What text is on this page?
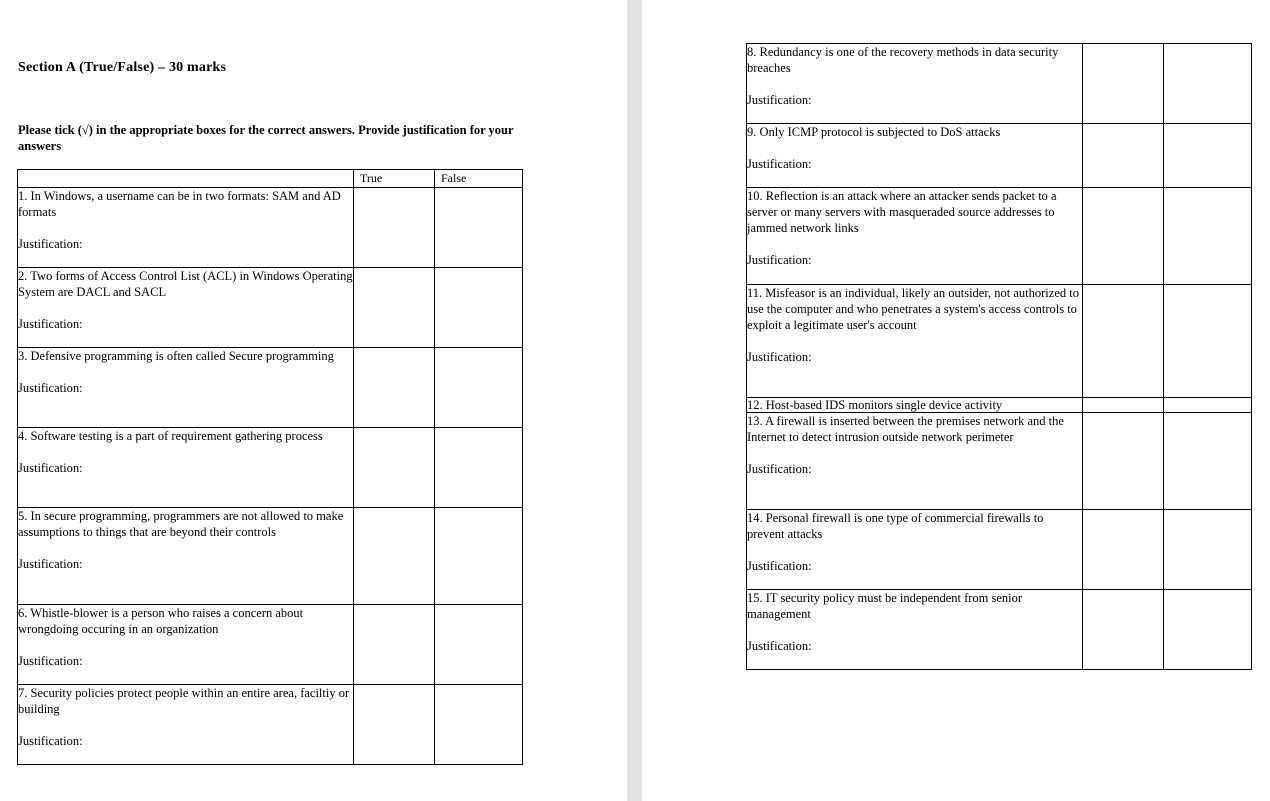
Section A (True/False) – 30 marks
Please tick (√) in the appropriate boxes for the correct answers. Provide justification for your answers

	True	False

1. In Windows, a username can be in two formats: SAM and AD formats
Justification:		

2. Two forms of Access Control List (ACL) in Windows Operating System are DACL and SACL
Justification:		

3. Defensive programming is often called Secure programming
Justification:		

4. Software testing is a part of requirement gathering process
Justification:		

5. In secure programming, programmers are not allowed to make assumptions to things that are beyond their controls
Justification:		

6. Whistle-blower is a person who raises a concern about wrongdoing occuring in an organization
Justification:		

7. Security policies protect people within an entire area, faciltiy or building
Justification:		

8. Redundancy is one of the recovery methods in data security breaches
Justification:		

9. Only ICMP protocol is subjected to DoS attacks
Justification:		

10. Reflection is an attack where an attacker sends packet to a server or many servers with masqueraded source addresses to jammed network links
Justification:		

11. Misfeasor is an individual, likely an outsider, not authorized to use the computer and who penetrates a system's access controls to exploit a legitimate user's account
Justification:		

12. Host-based IDS monitors single device activity		

13. A firewall is inserted between the premises network and the Internet to detect intrusion outside network perimeter
Justification:		

14. Personal firewall is one type of commercial firewalls to prevent attacks
Justification:		

15. IT security policy must be independent from senior management
Justification:		
